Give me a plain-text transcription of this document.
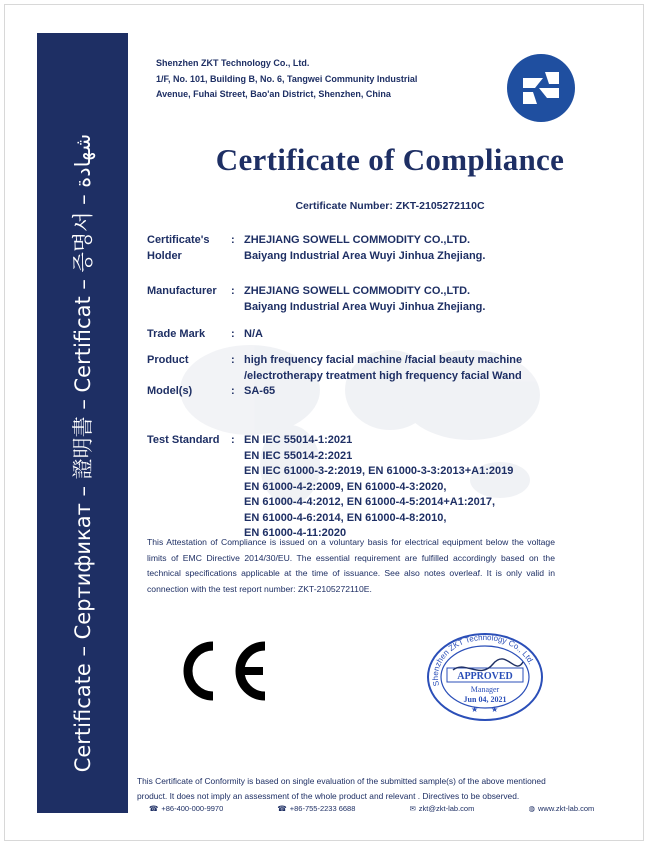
Certificate – Сертификат – 證明書 – Certificat – 증명서 – شهادة
Shenzhen ZKT Technology Co., Ltd.
1/F, No. 101, Building B, No. 6, Tangwei Community Industrial
Avenue, Fuhai Street, Bao'an District, Shenzhen, China
Certificate of Compliance
Certificate Number: ZKT-2105272110C
Certificate's
Holder
: ZHEJIANG SOWELL COMMODITY CO.,LTD.
Baiyang Industrial Area Wuyi Jinhua Zhejiang.
Manufacturer	: ZHEJIANG SOWELL COMMODITY CO.,LTD.
Baiyang Industrial Area Wuyi Jinhua Zhejiang.
Trade Mark	: N/A
Product	: high frequency facial machine /facial beauty machine
/electrotherapy treatment high frequency facial Wand
Model(s)	: SA-65
Test Standard	: EN IEC 55014-1:2021
EN IEC 55014-2:2021
EN IEC 61000-3-2:2019, EN 61000-3-3:2013+A1:2019
EN 61000-4-2:2009, EN 61000-4-3:2020,
EN 61000-4-4:2012, EN 61000-4-5:2014+A1:2017,
EN 61000-4-6:2014, EN 61000-4-8:2010,
EN 61000-4-11:2020
This Attestation of Compliance is issued on a voluntary basis for electrical equipment below the voltage limits of EMC Directive 2014/30/EU. The essential requirement are fulfilled accordingly based on the technical specifications applicable at the time of issuance. See also notes overleaf. It is only valid in connection with the test report number: ZKT-2105272110E.
Shenzhen ZKT Technology Co., Ltd.
APPROVED
Manager
Jun 04, 2021
★ ★
This Certificate of Conformity is based on single evaluation of the submitted sample(s) of the above mentioned
product. It does not imply an assessment of the whole product and relevant . Directives to be observed.
☎ +86-400-000-9970	☎ +86-755-2233 6688	✉ zkt@zkt-lab.com	◍ www.zkt-lab.com
